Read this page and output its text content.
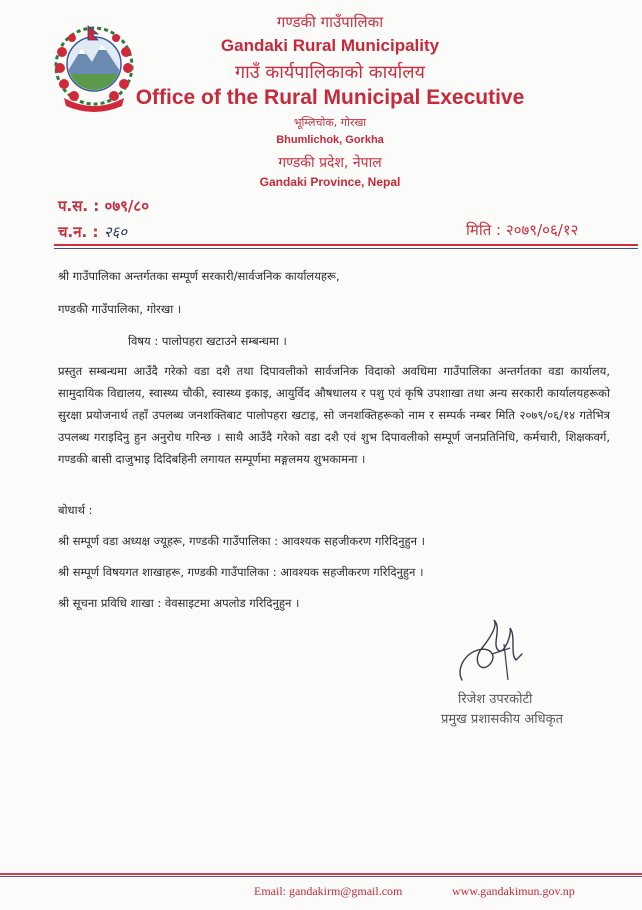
गण्डकी गाउँपालिका
Gandaki Rural Municipality
गाउँ कार्यपालिकाको कार्यालय
Office of the Rural Municipal Executive
भूम्लिचोक, गोरखा
Bhumlichok, Gorkha
गण्डकी प्रदेश, नेपाल
Gandaki Province, Nepal
प.स. : ०७९/८०
च.न. : २६०	मिति : २०७९/०६/१२
श्री गाउँपालिका अन्तर्गतका सम्पूर्ण सरकारी/सार्वजनिक कार्यालयहरू,
गण्डकी गाउँपालिका, गोरखा ।
विषय : पालोपहरा खटाउने सम्बन्धमा ।
प्रस्तुत सम्बन्धमा आउँदै गरेको वडा दशै तथा दिपावलीको सार्वजनिक विदाको अवधिमा गाउँपालिका अन्तर्गतका वडा कार्यालय, सामुदायिक विद्यालय, स्वास्थ्य चौकी, स्वास्थ्य इकाइ, आयुर्विद औषधालय र पशु एवं कृषि उपशाखा तथा अन्य सरकारी कार्यालयहरूको सुरक्षा प्रयोजनार्थ तहाँ उपलब्ध जनशक्तिबाट पालोपहरा खटाइ, सो जनशक्तिहरूको नाम र सम्पर्क नम्बर मिति २०७९/०६/१४ गतेभित्र उपलब्ध गराइदिनु हुन अनुरोध गरिन्छ । साथै आउँदै गरेको वडा दशै एवं शुभ दिपावलीको सम्पूर्ण जनप्रतिनिधि, कर्मचारी, शिक्षकवर्ग, गण्डकी बासी दाजुभाइ दिदिबहिनी लगायत सम्पूर्णमा मङ्गलमय शुभकामना ।
बोधार्थ :
श्री सम्पूर्ण वडा अध्यक्ष ज्यूहरू, गण्डकी गाउँपालिका : आवश्यक सहजीकरण गरिदिनुहुन ।
श्री सम्पूर्ण विषयगत शाखाहरू, गण्डकी गाउँपालिका : आवश्यक सहजीकरण गरिदिनुहुन ।
श्री सूचना प्रविधि शाखा : वेवसाइटमा अपलोड गरिदिनुहुन ।
रिजेश उपरकोटी
प्रमुख प्रशासकीय अधिकृत
Email: gandakirm@gmail.com	www.gandakimun.gov.np
